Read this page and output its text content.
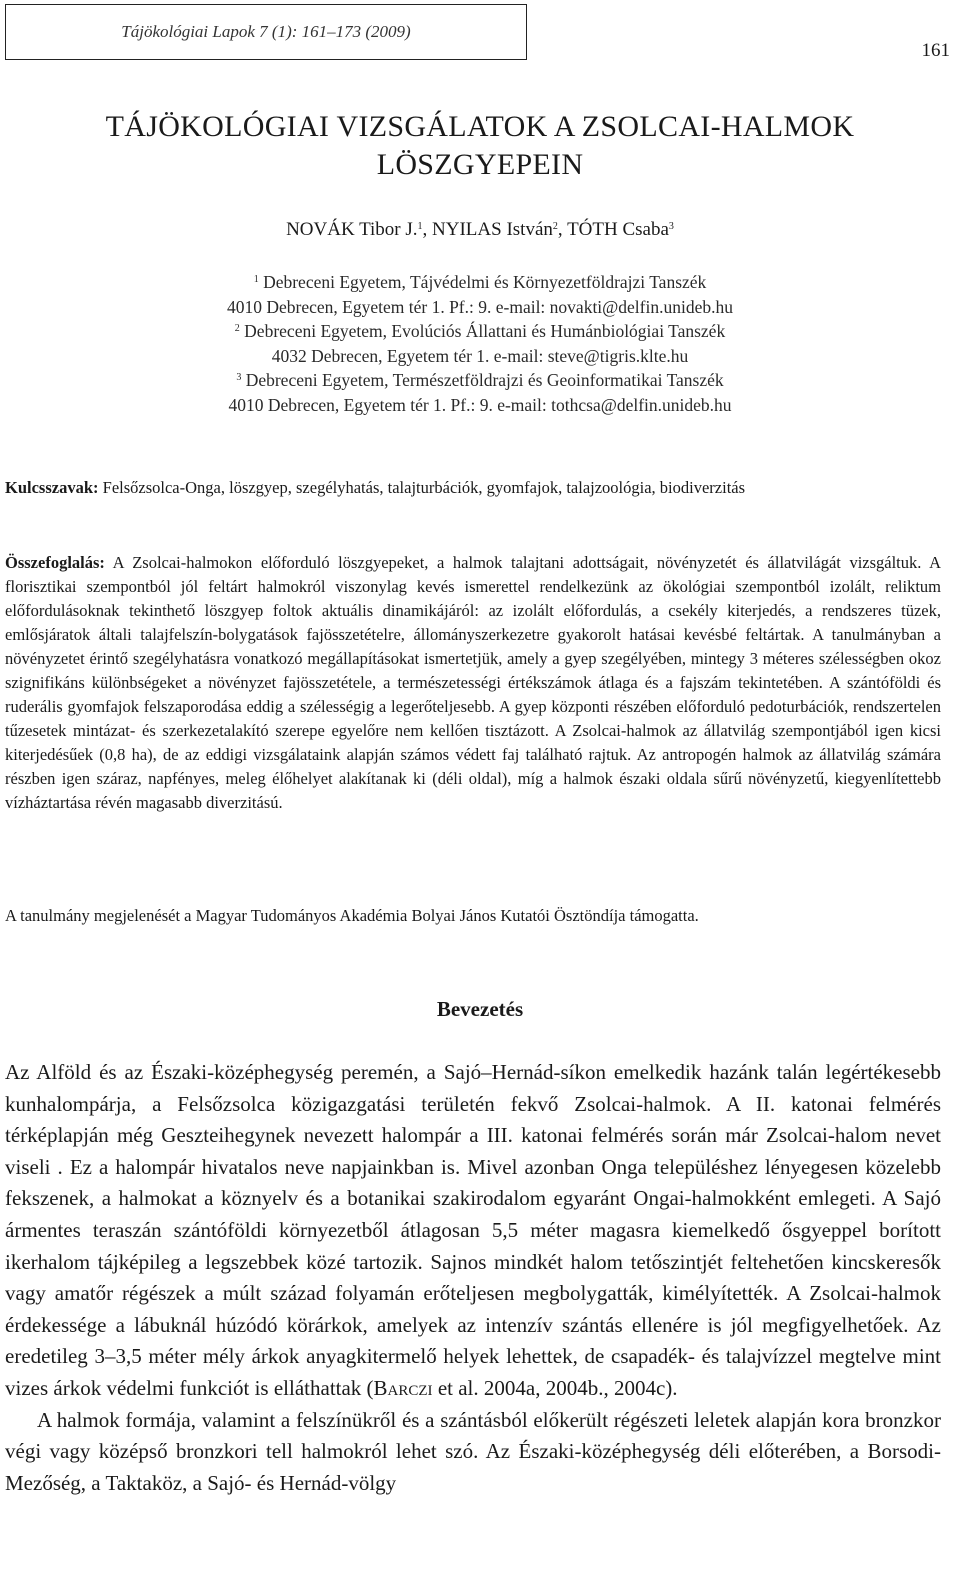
Tájökológiai Lapok 7 (1): 161–173 (2009)
161
TÁJÖKOLÓGIAI VIZSGÁLATOK A ZSOLCAI-HALMOK
LÖSZGYEPEIN
NOVÁK Tibor J.$^1$, NYILAS István$^2$, TÓTH Csaba$^3$
$^1$ Debreceni Egyetem, Tájvédelmi és Környezetföldrajzi Tanszék
4010 Debrecen, Egyetem tér 1. Pf.: 9. e-mail: novakti@delfin.unideb.hu
$^2$ Debreceni Egyetem, Evolúciós Állattani és Humánbiológiai Tanszék
4032 Debrecen, Egyetem tér 1. e-mail: steve@tigris.klte.hu
$^3$ Debreceni Egyetem, Természetföldrajzi és Geoinformatikai Tanszék
4010 Debrecen, Egyetem tér 1. Pf.: 9. e-mail: tothcsa@delfin.unideb.hu
Kulcsszavak: Felsőzsolca-Onga, löszgyep, szegélyhatás, talajturbációk, gyomfajok, talajzoológia, biodiverzitás
Összefoglalás: A Zsolcai-halmokon előforduló löszgyepeket, a halmok talajtani adottságait, növényzetét és állatvilágát vizsgáltuk. A florisztikai szempontból jól feltárt halmokról viszonylag kevés ismerettel rendelkezünk az ökológiai szempontból izolált, reliktum előfordulásoknak tekinthető löszgyep foltok aktuális dinamikájáról: az izolált előfordulás, a csekély kiterjedés, a rendszeres tüzek, emlősjáratok általi talajfelszín-bolygatások fajösszetételre, állományszerkezetre gyakorolt hatásai kevésbé feltártak. A tanulmányban a növényzetet érintő szegélyhatásra vonatkozó megállapításokat ismertetjük, amely a gyep szegélyében, mintegy 3 méteres szélességben okoz szignifikáns különbségeket a növényzet fajösszetétele, a természetességi értékszámok átlaga és a fajszám tekintetében. A szántóföldi és ruderális gyomfajok felszaporodása eddig a szélességig a legerőteljesebb. A gyep központi részében előforduló pedoturbációk, rendszertelen tűzesetek mintázat- és szerkezetalakító szerepe egyelőre nem kellően tisztázott. A Zsolcai-halmok az állatvilág szempontjából igen kicsi kiterjedésűek (0,8 ha), de az eddigi vizsgálataink alapján számos védett faj található rajtuk. Az antropogén halmok az állatvilág számára részben igen száraz, napfényes, meleg élőhelyet alakítanak ki (déli oldal), míg a halmok északi oldala sűrű növényzetű, kiegyenlítettebb vízháztartása révén magasabb diverzitású.
A tanulmány megjelenését a Magyar Tudományos Akadémia Bolyai János Kutatói Ösztöndíja támogatta.
Bevezetés

Az Alföld és az Északi-középhegység peremén, a Sajó–Hernád-síkon emelkedik hazánk talán legértékesebb kunhalompárja, a Felsőzsolca közigazgatási területén fekvő Zsolcai-halmok. A II. katonai felmérés térképlapján még Geszteihegynek nevezett halompár a III. katonai felmérés során már Zsolcai-halom nevet viseli . Ez a halompár hivatalos neve napjainkban is. Mivel azonban Onga településhez lényegesen közelebb fekszenek, a halmokat a köznyelv és a botanikai szakirodalom egyaránt Ongai-halmokként emlegeti. A Sajó ármentes teraszán szántóföldi környezetből átlagosan 5,5 méter magasra kiemelkedő ősgyeppel borított ikerhalom tájképileg a legszebbek közé tartozik. Sajnos mindkét halom tetőszintjét feltehetően kincskeresők vagy amatőr régészek a múlt század folyamán erőteljesen megbolygatták, kimélyítették. A Zsolcai-halmok érdekessége a lábuknál húzódó körárkok, amelyek az intenzív szántás ellenére is jól megfigyelhetőek. Az eredetileg 3–3,5 méter mély árkok anyagkitermelő helyek lehettek, de csapadék- és talajvízzel megtelve mint vizes árkok védelmi funkciót is elláthattak (Barczi et al. 2004a, 2004b., 2004c).

A halmok formája, valamint a felszínükről és a szántásból előkerült régészeti leletek alapján kora bronzkor végi vagy középső bronzkori tell halmokról lehet szó. Az Északi-középhegység déli előterében, a Borsodi-Mezőség, a Taktaköz, a Sajó- és Hernád-völgy
